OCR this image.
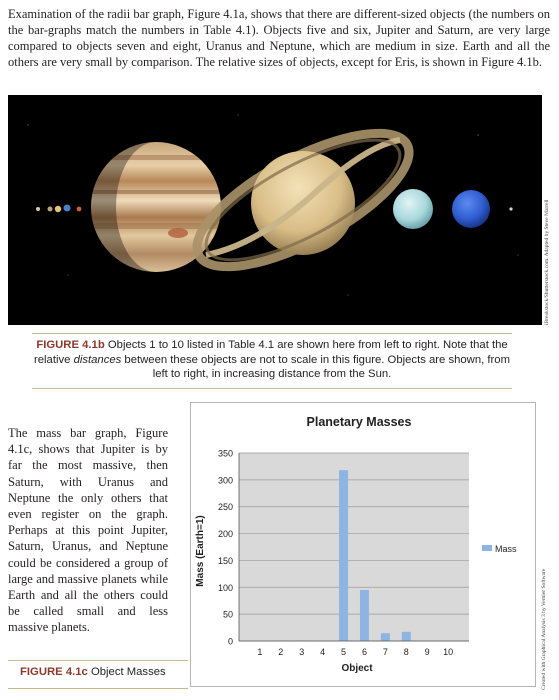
Examination of the radii bar graph, Figure 4.1a, shows that there are different-sized objects (the numbers on the bar-graphs match the numbers in Table 4.1). Objects five and six, Jupiter and Saturn, are very large compared to objects seven and eight, Uranus and Neptune, which are medium in size. Earth and all the others are very small by comparison. The relative sizes of objects, except for Eris, is shown in Figure 4.1b.

iBreakstock/Shutterstock.com. Adapted by Steve Marrell
FIGURE 4.1b Objects 1 to 10 listed in Table 4.1 are shown here from left to right. Note that the relative distances between these objects are not to scale in this figure. Objects are shown, from left to right, in increasing distance from the Sun.

The mass bar graph, Figure 4.1c, shows that Jupiter is by far the most massive, then Saturn, with Uranus and Neptune the only others that even register on the graph. Perhaps at this point Jupiter, Saturn, Uranus, and Neptune could be considered a group of large and massive planets while Earth and all the others could be called small and less massive planets.

FIGURE 4.1c Object Masses
Planetary Masses
0
50
100
150
200
250
300
350
1 2 3 4 5 6 7 8 9 10
Object
Mass (Earth=1)	Mass
Created with Graphical Analysis 3 by Vernier Software
